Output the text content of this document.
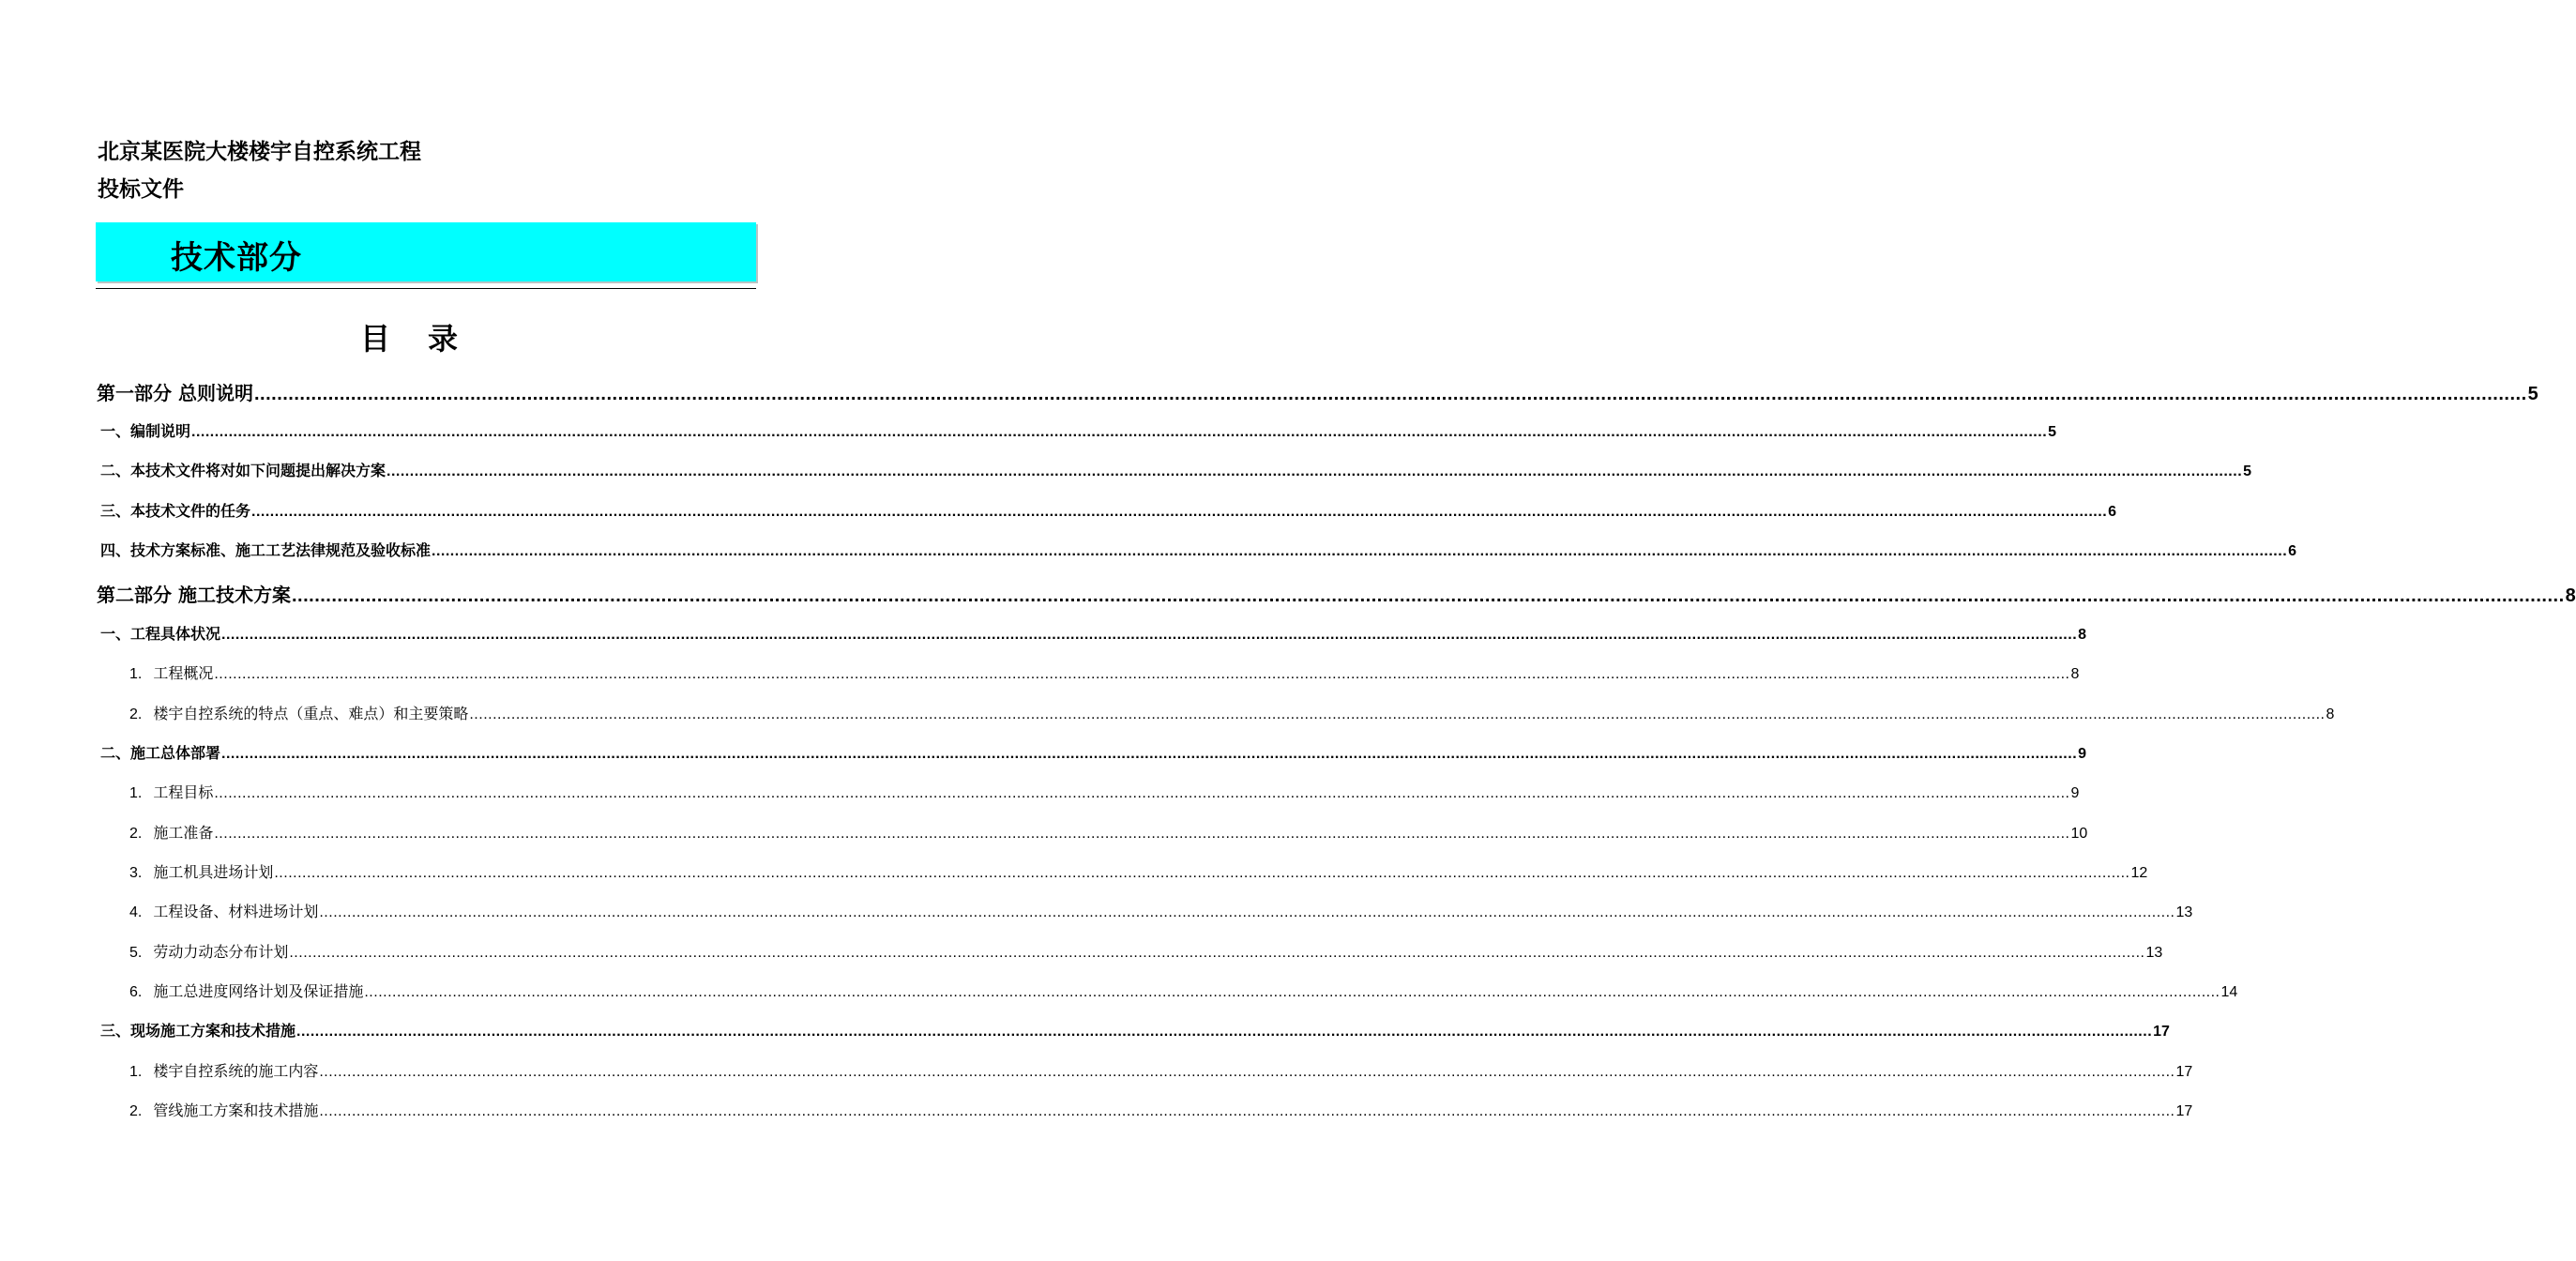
北京某医院大楼楼宇自控系统工程
投标文件
技术部分
目录
第一部分 总则说明 ................................................................................................................................................................................................................................................................................................................................................................................................................ 5
一、编制说明 ................................................................................................................................................................................................................................................................................................................................................................................................................ 5
二、本技术文件将对如下问题提出解决方案 ................................................................................................................................................................................................................................................................................................................................................................................................................ 5
三、本技术文件的任务 ................................................................................................................................................................................................................................................................................................................................................................................................................ 6
四、技术方案标准、施工工艺法律规范及验收标准 ................................................................................................................................................................................................................................................................................................................................................................................................................ 6
第二部分 施工技术方案 ................................................................................................................................................................................................................................................................................................................................................................................................................ 8
一、工程具体状况 ................................................................................................................................................................................................................................................................................................................................................................................................................ 8
1. 工程概况 ................................................................................................................................................................................................................................................................................................................................................................................................................ 8
2. 楼宇自控系统的特点（重点、难点）和主要策略 ................................................................................................................................................................................................................................................................................................................................................................................................................ 8
二、施工总体部署 ................................................................................................................................................................................................................................................................................................................................................................................................................ 9
1. 工程目标 ................................................................................................................................................................................................................................................................................................................................................................................................................ 9
2. 施工准备 ................................................................................................................................................................................................................................................................................................................................................................................................................ 10
3. 施工机具进场计划 ................................................................................................................................................................................................................................................................................................................................................................................................................ 12
4. 工程设备、材料进场计划 ................................................................................................................................................................................................................................................................................................................................................................................................................ 13
5. 劳动力动态分布计划 ................................................................................................................................................................................................................................................................................................................................................................................................................ 13
6. 施工总进度网络计划及保证措施 ................................................................................................................................................................................................................................................................................................................................................................................................................ 14
三、现场施工方案和技术措施 ................................................................................................................................................................................................................................................................................................................................................................................................................ 17
1. 楼宇自控系统的施工内容 ................................................................................................................................................................................................................................................................................................................................................................................................................ 17
2. 管线施工方案和技术措施 ................................................................................................................................................................................................................................................................................................................................................................................................................ 17
